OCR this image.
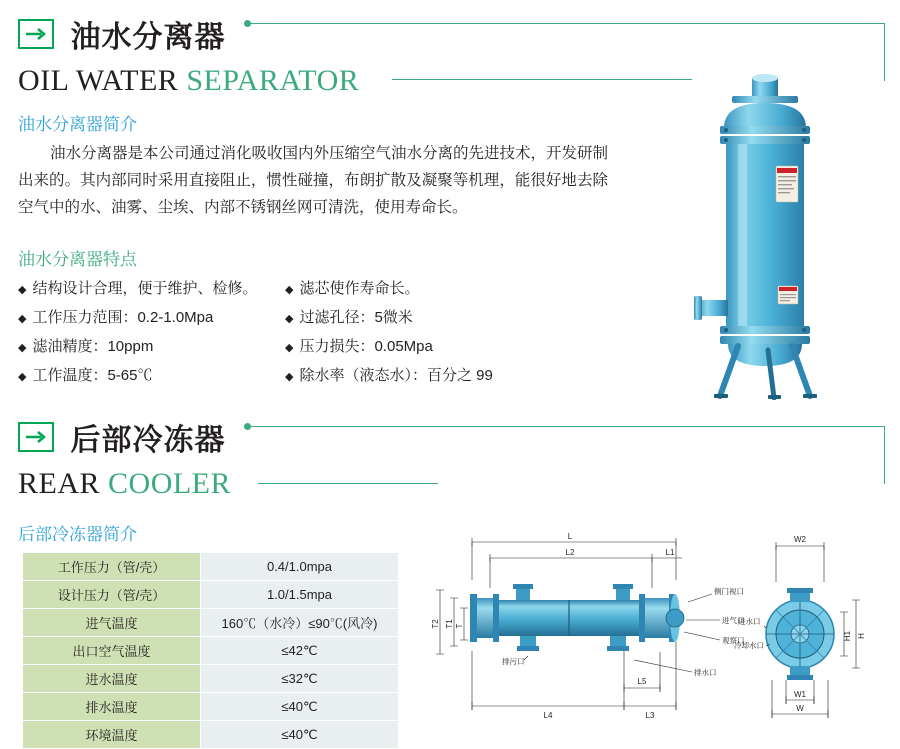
油水分离器
OIL WATER SEPARATOR
油水分离器简介
油水分离器是本公司通过消化吸收国内外压缩空气油水分离的先进技术，开发研制出来的。其内部同时采用直接阻止，惯性碰撞，布朗扩散及凝聚等机理，能很好地去除空气中的水、油雾、尘埃、内部不锈钢丝网可清洗，使用寿命长。
油水分离器特点
◆ 结构设计合理，便于维护、检修。
◆ 工作压力范围：0.2-1.0Mpa
◆ 滤油精度：10ppm
◆ 工作温度：5-65℃
◆ 滤芯使作寿命长。
◆ 过滤孔径：5微米
◆ 压力损失：0.05Mpa
◆ 除水率（液态水）：百分之 99
后部冷冻器
REAR COOLER
后部冷冻器简介
工作压力（管/壳）	0.4/1.0mpa
设计压力（管/壳）	1.0/1.5mpa
进气温度	160℃（水冷）≤90℃(风冷)
出口空气温度	≤42℃
进水温度	≤32℃
排水温度	≤40℃
环境温度	≤40℃
L
L2	L1
W2
T2 T1 T
L4	L3
L5
侧门视口
进气口
观察口
排水口
排污口
H
H1
W1
W
进水口
冷却水口
